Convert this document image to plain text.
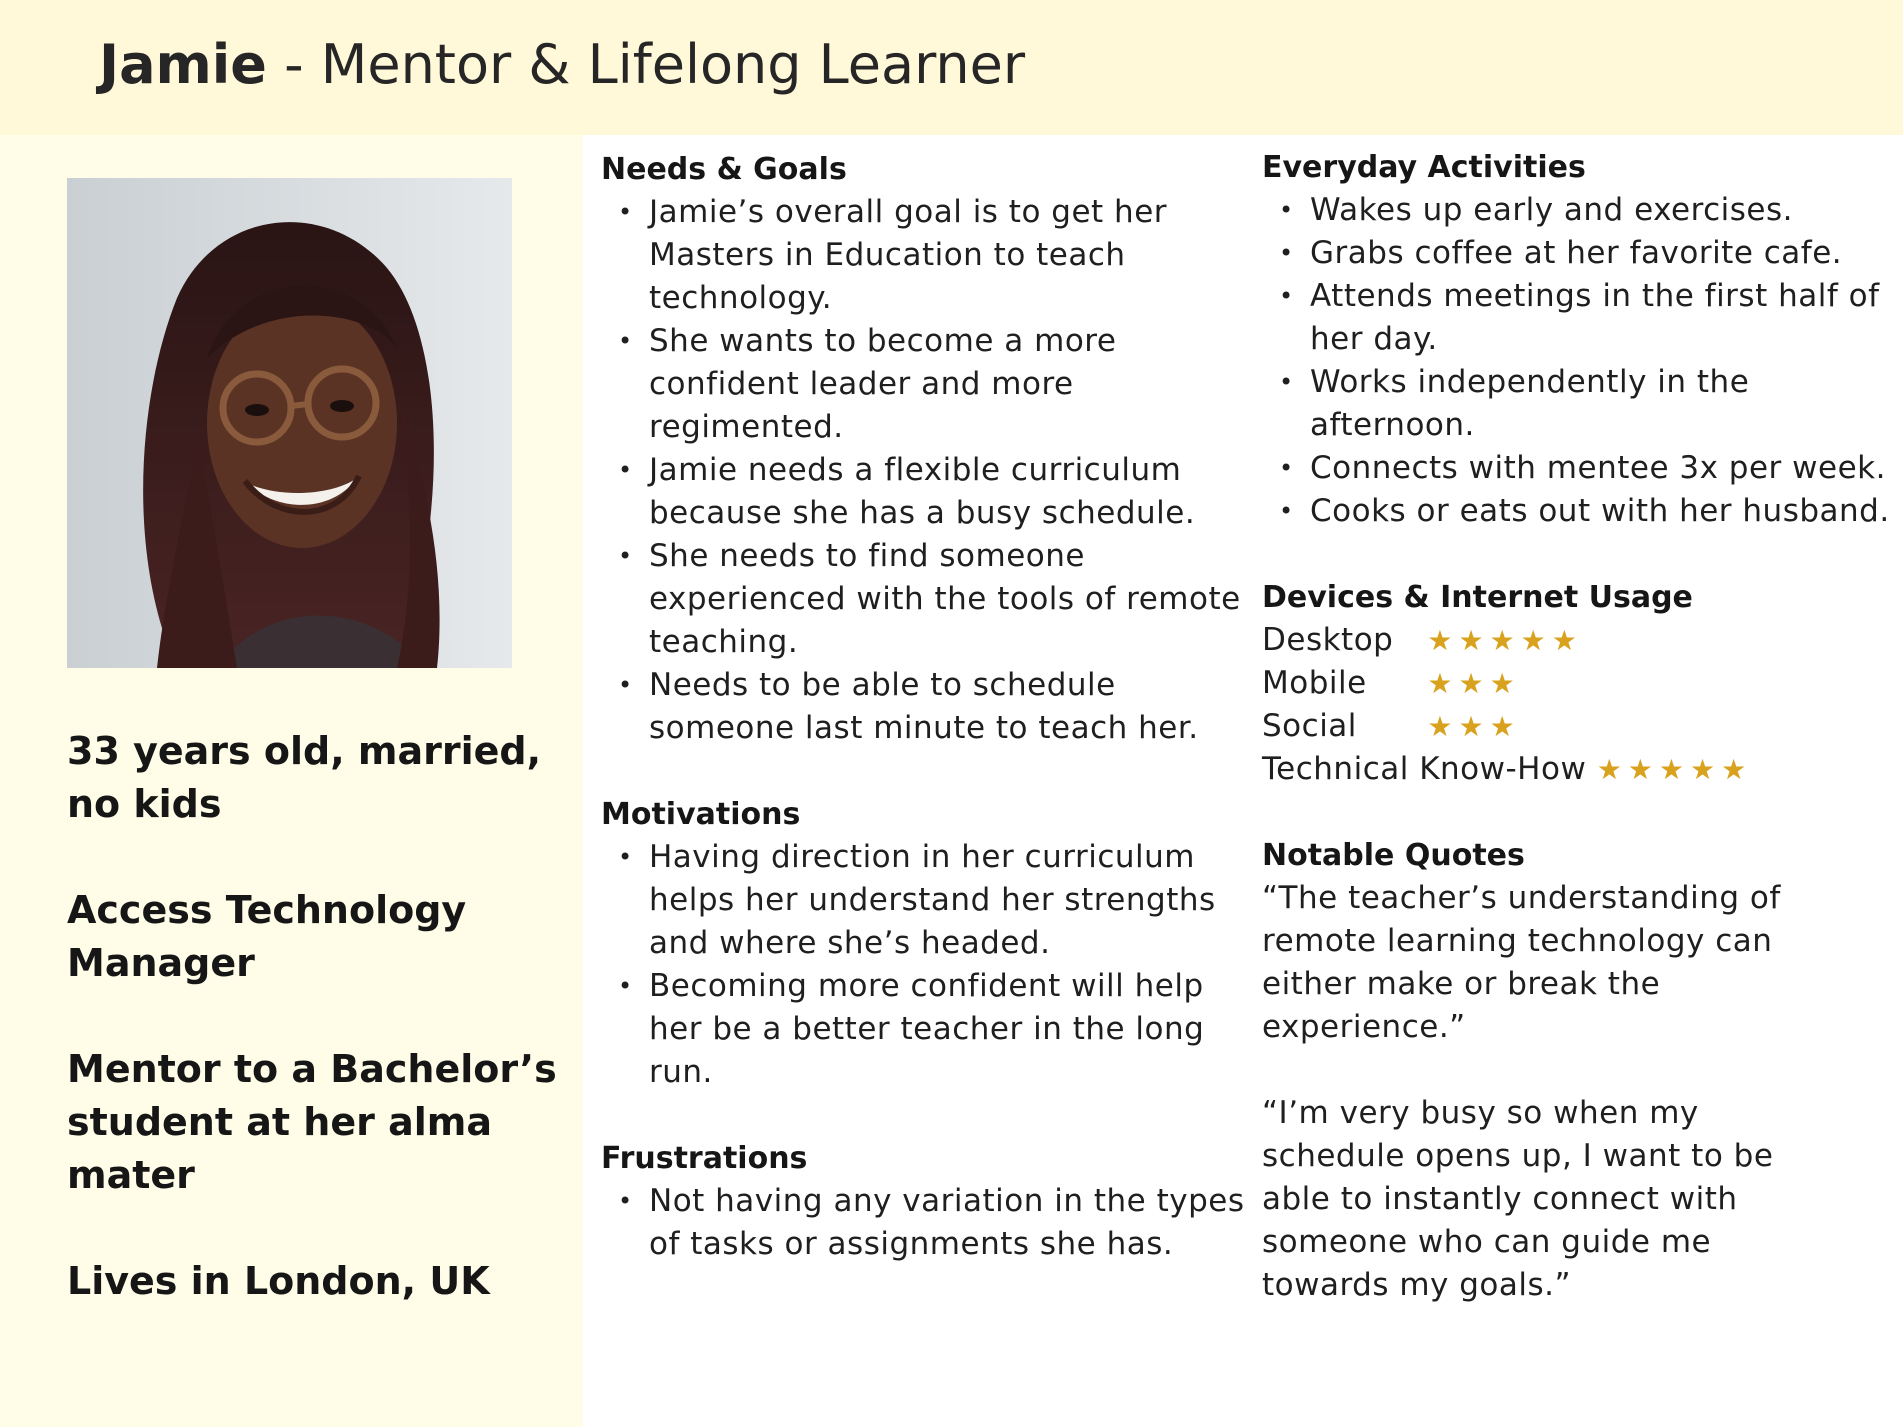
Jamie - Mentor & Lifelong Learner

33 years old, married, no kids

Access Technology Manager

Mentor to a Bachelor’s student at her alma mater

Lives in London, UK

Needs & Goals
• Jamie’s overall goal is to get her Masters in Education to teach technology.
• She wants to become a more confident leader and more regimented.
• Jamie needs a flexible curriculum because she has a busy schedule.
• She needs to find someone experienced with the tools of remote teaching.
• Needs to be able to schedule someone last minute to teach her.
Motivations
• Having direction in her curriculum helps her understand her strengths and where she’s headed.
• Becoming more confident will help her be a better teacher in the long run.
Frustrations
• Not having any variation in the types of tasks or assignments she has.
Everyday Activities
• Wakes up early and exercises.
• Grabs coffee at her favorite cafe.
• Attends meetings in the first half of her day.
• Works independently in the afternoon.
• Connects with mentee 3x per week.
• Cooks or eats out with her husband.
Devices & Internet Usage
Desktop ★★★★★
Mobile ★★★
Social	★★★
Technical Know-How ★★★★★
Notable Quotes

“The teacher’s understanding of remote learning technology can either make or break the experience.”

“I’m very busy so when my schedule opens up, I want to be able to instantly connect with someone who can guide me towards my goals.”
